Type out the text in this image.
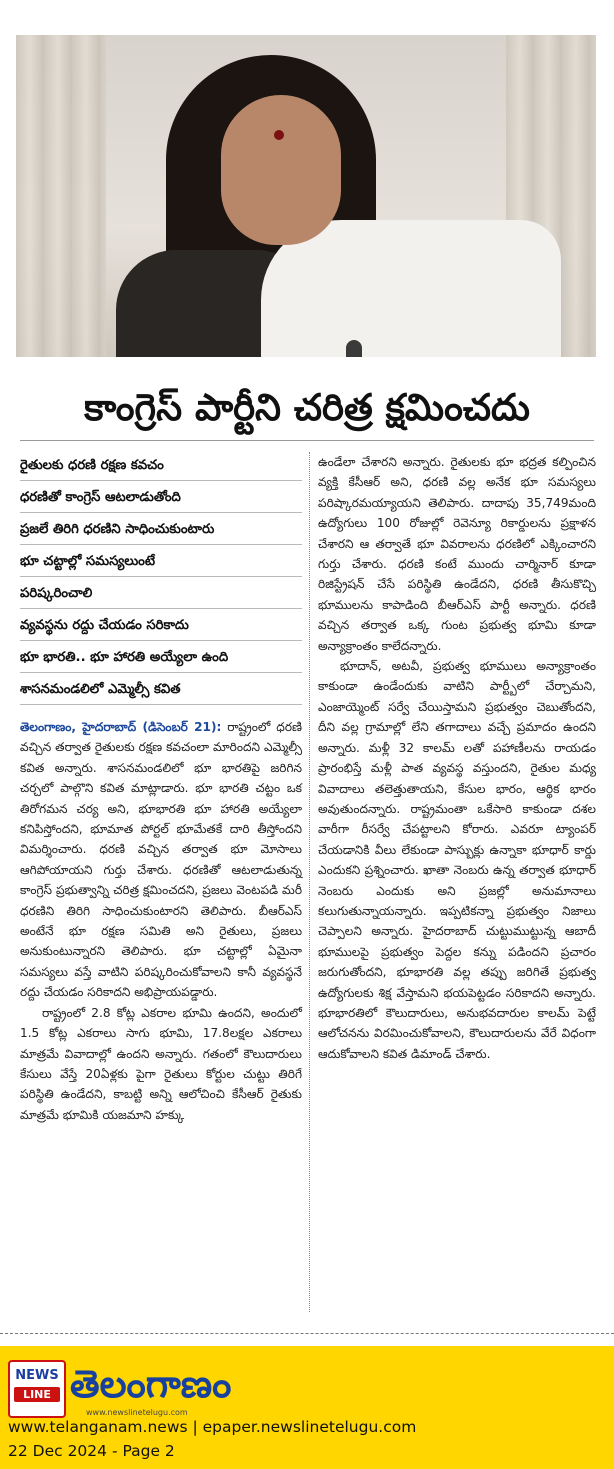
కాంగ్రెస్ పార్టీని చరిత్ర క్షమించదు
రైతులకు ధరణి రక్షణ కవచం
ధరణితో కాంగ్రెస్ ఆటలాడుతోంది
ప్రజలే తిరిగి ధరణిని సాధించుకుంటారు
భూ చట్టాల్లో సమస్యలుంటే
పరిష్కరించాలి
వ్యవస్థను రద్దు చేయడం సరికాదు
భూ భారతి.. భూ హారతి అయ్యేలా ఉంది
శాసనమండలిలో ఎమ్మెల్సీ కవిత

తెలంగాణం, హైదరాబాద్ (డిసెంబర్ 21): రాష్ట్రంలో ధరణి వచ్చిన తర్వాత రైతులకు రక్షణ కవచంలా మారిందని ఎమ్మెల్సీ కవిత అన్నారు. శాసనమండలిలో భూ భారతిపై జరిగిన చర్చలో పాల్గొని కవిత మాట్లాడారు. భూ భారతి చట్టం ఒక తిరోగమన చర్య అని, భూభారతి భూ హారతి అయ్యేలా కనిపిస్తోందని, భూమాత పోర్టల్ భూమేతకే దారి తీస్తోందని విమర్శించారు. ధరణి వచ్చిన తర్వాత భూ మోసాలు ఆగిపోయాయని గుర్తు చేశారు. ధరణితో ఆటలాడుతున్న కాంగ్రెస్ ప్రభుత్వాన్ని చరిత్ర క్షమించదని, ప్రజలు వెంటపడి మరీ ధరణిని తిరిగి సాధించుకుంటారని తెలిపారు. బీఆర్ఎస్ అంటేనే భూ రక్షణ సమితి అని రైతులు, ప్రజలు అనుకుంటున్నారని తెలిపారు. భూ చట్టాల్లో ఏమైనా సమస్యలు వస్తే వాటిని పరిష్కరించుకోవాలని కానీ వ్యవస్థనే రద్దు చేయడం సరికాదని అభిప్రాయపడ్డారు.

రాష్ట్రంలో 2.8 కోట్ల ఎకరాల భూమి ఉందని, అందులో 1.5 కోట్ల ఎకరాలు సాగు భూమి, 17.8లక్షల ఎకరాలు మాత్రమే వివాదాల్లో ఉందని అన్నారు. గతంలో కౌలుదారులు కేసులు వేస్తే 20ఏళ్లకు పైగా రైతులు కోర్టుల చుట్టు తిరిగే పరిస్థితి ఉండేదని, కాబట్టి అన్ని ఆలోచించి కేసీఆర్ రైతుకు మాత్రమే భూమికి యజమాని హక్కు

ఉండేలా చేశారని అన్నారు. రైతులకు భూ భద్రత కల్పించిన వ్యక్తి కేసీఆర్ అని, ధరణి వల్ల అనేక భూ సమస్యలు పరిష్కారమయ్యాయని తెలిపారు. దాదాపు 35,749మంది ఉద్యోగులు 100 రోజుల్లో రెవెన్యూ రికార్డులను ప్రక్షాళన చేశారని ఆ తర్వాతే భూ వివరాలను ధరణిలో ఎక్కించారని గుర్తు చేశారు. ధరణి కంటే ముందు చార్మినార్ కూడా రిజిస్ట్రేషన్ చేసే పరిస్థితి ఉండేదని, ధరణి తీసుకొచ్చి భూములను కాపాడింది బీఆర్ఎస్ పార్టీ అన్నారు. ధరణి వచ్చిన తర్వాత ఒక్క గుంట ప్రభుత్వ భూమి కూడా అన్యాక్రాంతం కాలేదన్నారు.

భూదాన్, అటవీ, ప్రభుత్వ భూములు అన్యాక్రాంతం కాకుండా ఉండేందుకు వాటిని పార్ట్బీలో చేర్చామని, ఎంజాయ్మెంట్ సర్వే చేయిస్తామని ప్రభుత్వం చెబుతోందని, దీని వల్ల గ్రామాల్లో లేని తగాదాలు వచ్చే ప్రమాదం ఉందని అన్నారు. మళ్లీ 32 కాలమ్ లతో పహాణీలను రాయడం ప్రారంభిస్తే మళ్లీ పాత వ్యవస్థ వస్తుందని, రైతుల మధ్య వివాదాలు తలెత్తుతాయని, కేసుల భారం, ఆర్థిక భారం అవుతుందన్నారు. రాష్ట్రమంతా ఒకేసారి కాకుండా దశల వారీగా రీసర్వే చేపట్టాలని కోరారు. ఎవరూ ట్యాంపర్ చేయడానికి వీలు లేకుండా పాస్బుక్లు ఉన్నాకా భూధార్ కార్డు ఎందుకని ప్రశ్నించారు. ఖాతా నెంబరు ఉన్న తర్వాత భూధార్ నెంబరు ఎందుకు అని ప్రజల్లో అనుమానాలు కలుగుతున్నాయన్నారు. ఇప్పటికన్నా ప్రభుత్వం నిజాలు చెప్పాలని అన్నారు. హైదరాబాద్ చుట్టుముట్టున్న ఆబాదీ భూములపై ప్రభుత్వం పెద్దల కన్ను పడిందని ప్రచారం జరుగుతోందని, భూభారతి వల్ల తప్పు జరిగితే ప్రభుత్వ ఉద్యోగులకు శిక్ష వేస్తామని భయపెట్టడం సరికాదని అన్నారు. భూభారతిలో కౌలుదారులు, అనుభవదారుల కాలమ్ పెట్టే ఆలోచనను విరమించుకోవాలని, కౌలుదారులను వేరే విధంగా ఆదుకోవాలని కవిత డిమాండ్ చేశారు.

NEWS
LINE తెలంగాణం
www.newslinetelugu.com
www.telanganam.news | epaper.newslinetelugu.com
22 Dec 2024 - Page 2
